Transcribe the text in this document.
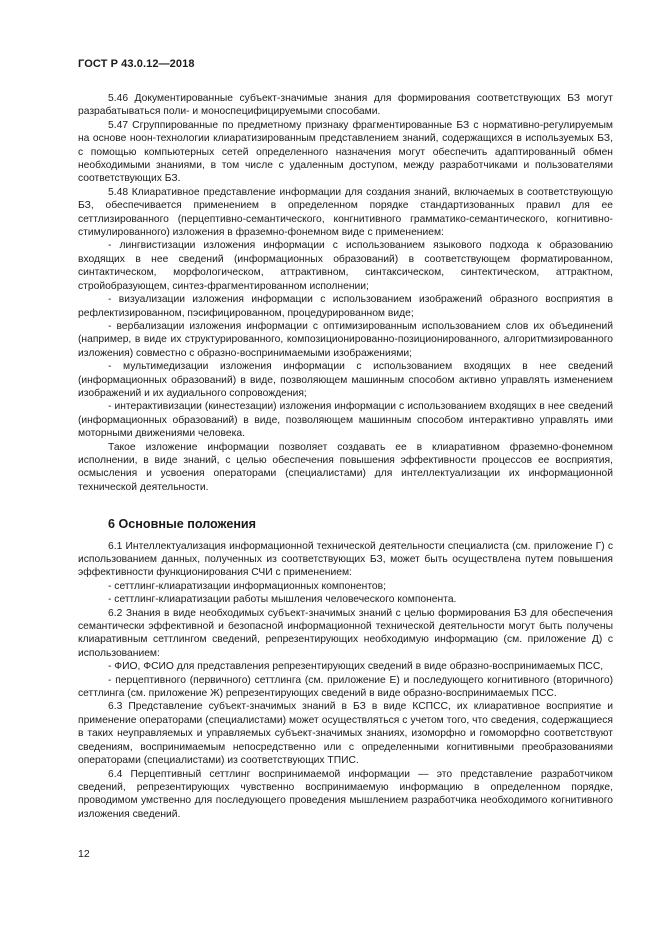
ГОСТ Р 43.0.12—2018

5.46 Документированные субъект-значимые знания для формирования соответствующих БЗ могут разрабатываться поли- и моноспецифицируемыми способами.

5.47 Сгруппированные по предметному признаку фрагментированные БЗ с нормативно-регулируемым на основе ноон-технологии клиаратизированным представлением знаний, содержащихся в используемых БЗ, с помощью компьютерных сетей определенного назначения могут обеспечить адаптированный обмен необходимыми знаниями, в том числе с удаленным доступом, между разработчиками и пользователями соответствующих БЗ.

5.48 Клиаративное представление информации для создания знаний, включаемых в соответствующую БЗ, обеспечивается применением в определенном порядке стандартизованных правил для ее сеттлизированного (перцептивно-семантического, конгнитивного грамматико-семантического, когнитивно-стимулированного) изложения в фраземно-фонемном виде с применением:

- лингвистизации изложения информации с использованием языкового подхода к образованию входящих в нее сведений (информационных образований) в соответствующем форматированном, синтактическом, морфологическом, аттрактивном, синтаксическом, синтектическом, аттрактном, стройобразующем, синтез-фрагментированном исполнении;

- визуализации изложения информации с использованием изображений образного восприятия в рефлектизированном, пэсифицированном, процедурированном виде;

- вербализации изложения информации с оптимизированным использованием слов их объединений (например, в виде их структурированного, композиционированно-позиционированного, алгоритмизированного изложения) совместно с образно-воспринимаемыми изображениями;

- мультимедизации изложения информации с использованием входящих в нее сведений (информационных образований) в виде, позволяющем машинным способом активно управлять изменением изображений и их аудиального сопровождения;

- интерактивизации (кинестезации) изложения информации с использованием входящих в нее сведений (информационных образований) в виде, позволяющем машинным способом интерактивно управлять ими моторными движениями человека.

Такое изложение информации позволяет создавать ее в клиаративном фраземно-фонемном исполнении, в виде знаний, с целью обеспечения повышения эффективности процессов ее восприятия, осмысления и усвоения операторами (специалистами) для интеллектуализации их информационной технической деятельности.

6 Основные положения

6.1 Интеллектуализация информационной технической деятельности специалиста (см. приложение Г) с использованием данных, полученных из соответствующих БЗ, может быть осуществлена путем повышения эффективности функционирования СЧИ с применением:

- сеттлинг-клиаратизации информационных компонентов;

- сеттлинг-клиаратизации работы мышления человеческого компонента.

6.2 Знания в виде необходимых субъект-значимых знаний с целью формирования БЗ для обеспечения семантически эффективной и безопасной информационной технической деятельности могут быть получены клиаративным сеттлингом сведений, репрезентирующих необходимую информацию (см. приложение Д) с использованием:

- ФИО, ФСИО для представления репрезентирующих сведений в виде образно-воспринимаемых ПСС,

- перцептивного (первичного) сеттлинга (см. приложение Е) и последующего когнитивного (вторичного) сеттлинга (см. приложение Ж) репрезентирующих сведений в виде образно-воспринимаемых ПСС.

6.3 Представление субъект-значимых знаний в БЗ в виде КСПСС, их клиаративное восприятие и применение операторами (специалистами) может осуществляться с учетом того, что сведения, содержащиеся в таких неуправляемых и управляемых субъект-значимых знаниях, изоморфно и гомоморфно соответствуют сведениям, воспринимаемым непосредственно или с определенными когнитивными преобразованиями операторами (специалистами) из соответствующих ТПИС.

6.4 Перцептивный сеттлинг воспринимаемой информации — это представление разработчиком сведений, репрезентирующих чувственно воспринимаемую информацию в определенном порядке, проводимом умственно для последующего проведения мышлением разработчика необходимого когнитивного изложения сведений.

12
